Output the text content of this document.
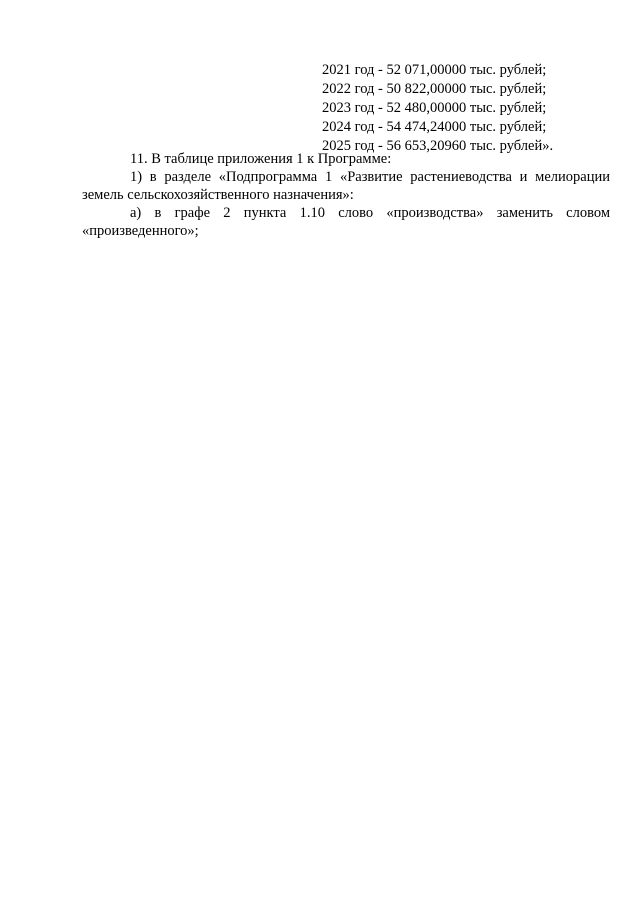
2021 год - 52 071,00000 тыс. рублей;
2022 год - 50 822,00000 тыс. рублей;
2023 год - 52 480,00000 тыс. рублей;
2024 год - 54 474,24000 тыс. рублей;
2025 год - 56 653,20960 тыс. рублей».

11. В таблице приложения 1 к Программе:

1) в разделе «Подпрограмма 1 «Развитие растениеводства и мелиорации земель сельскохозяйственного назначения»:

а) в графе 2 пункта 1.10 слово «производства» заменить словом «произведенного»;
